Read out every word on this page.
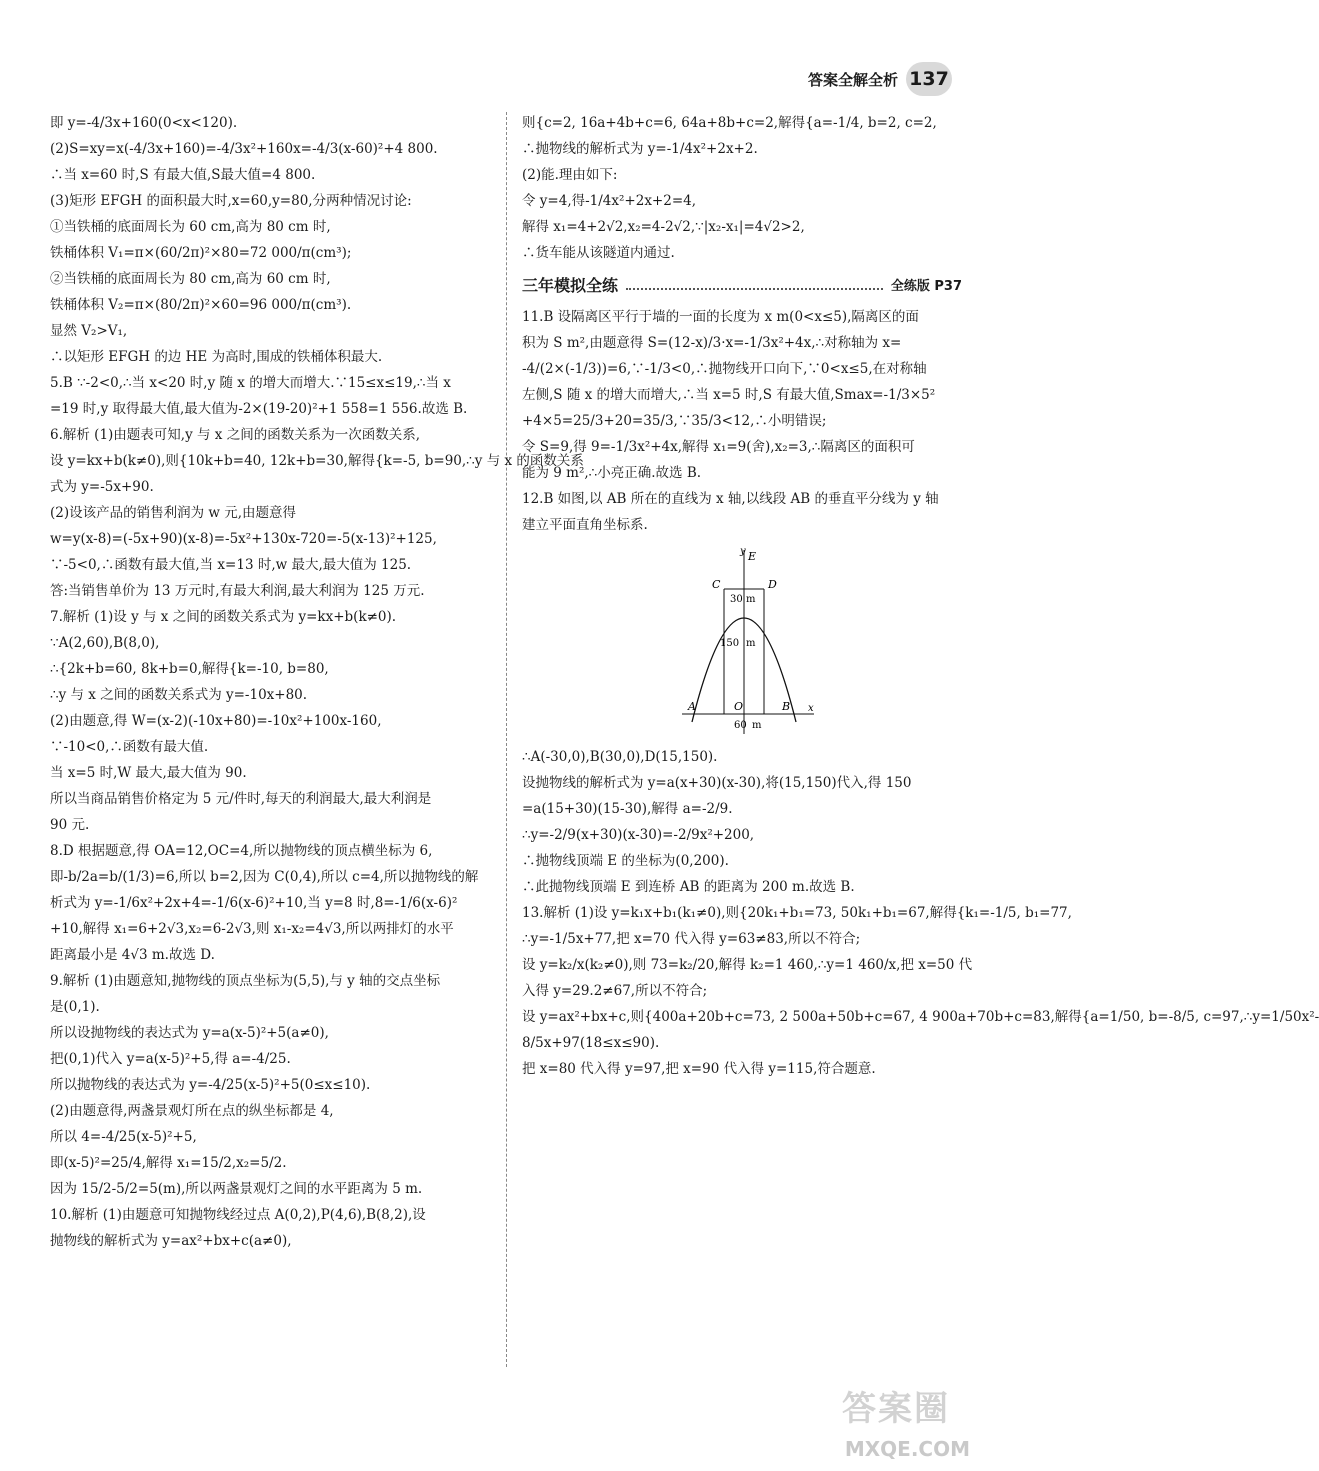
答案全解全析 137
即 y=-4/3x+160(0<x<120).
(2)S=xy=x(-4/3x+160)=-4/3x²+160x=-4/3(x-60)²+4 800.
∴当 x=60 时,S 有最大值,S最大值=4 800.
(3)矩形 EFGH 的面积最大时,x=60,y=80,分两种情况讨论:
①当铁桶的底面周长为 60 cm,高为 80 cm 时,
铁桶体积 V₁=π×(60/2π)²×80=72 000/π(cm³);
②当铁桶的底面周长为 80 cm,高为 60 cm 时,
铁桶体积 V₂=π×(80/2π)²×60=96 000/π(cm³).
显然 V₂>V₁,
∴以矩形 EFGH 的边 HE 为高时,围成的铁桶体积最大.
5.B ∵-2<0,∴当 x<20 时,y 随 x 的增大而增大.∵15≤x≤19,∴当 x
=19 时,y 取得最大值,最大值为-2×(19-20)²+1 558=1 556.故选 B.
6.解析 (1)由题表可知,y 与 x 之间的函数关系为一次函数关系,
设 y=kx+b(k≠0),则{10k+b=40, 12k+b=30,解得{k=-5, b=90,∴y 与 x 的函数关系
式为 y=-5x+90.
(2)设该产品的销售利润为 w 元,由题意得
w=y(x-8)=(-5x+90)(x-8)=-5x²+130x-720=-5(x-13)²+125,
∵-5<0,∴函数有最大值,当 x=13 时,w 最大,最大值为 125.
答:当销售单价为 13 万元时,有最大利润,最大利润为 125 万元.
7.解析 (1)设 y 与 x 之间的函数关系式为 y=kx+b(k≠0).
∵A(2,60),B(8,0),
∴{2k+b=60, 8k+b=0,解得{k=-10, b=80,
∴y 与 x 之间的函数关系式为 y=-10x+80.
(2)由题意,得 W=(x-2)(-10x+80)=-10x²+100x-160,
∵-10<0,∴函数有最大值.
当 x=5 时,W 最大,最大值为 90.
所以当商品销售价格定为 5 元/件时,每天的利润最大,最大利润是
90 元.
8.D 根据题意,得 OA=12,OC=4,所以抛物线的顶点横坐标为 6,
即-b/2a=b/(1/3)=6,所以 b=2,因为 C(0,4),所以 c=4,所以抛物线的解
析式为 y=-1/6x²+2x+4=-1/6(x-6)²+10,当 y=8 时,8=-1/6(x-6)²
+10,解得 x₁=6+2√3,x₂=6-2√3,则 x₁-x₂=4√3,所以两排灯的水平
距离最小是 4√3 m.故选 D.
9.解析 (1)由题意知,抛物线的顶点坐标为(5,5),与 y 轴的交点坐标
是(0,1).
所以设抛物线的表达式为 y=a(x-5)²+5(a≠0),
把(0,1)代入 y=a(x-5)²+5,得 a=-4/25.
所以抛物线的表达式为 y=-4/25(x-5)²+5(0≤x≤10).
(2)由题意得,两盏景观灯所在点的纵坐标都是 4,
所以 4=-4/25(x-5)²+5,
即(x-5)²=25/4,解得 x₁=15/2,x₂=5/2.
因为 15/2-5/2=5(m),所以两盏景观灯之间的水平距离为 5 m.
10.解析 (1)由题意可知抛物线经过点 A(0,2),P(4,6),B(8,2),设
抛物线的解析式为 y=ax²+bx+c(a≠0),
则{c=2, 16a+4b+c=6, 64a+8b+c=2,解得{a=-1/4, b=2, c=2,
∴抛物线的解析式为 y=-1/4x²+2x+2.
(2)能.理由如下:
令 y=4,得-1/4x²+2x+2=4,
解得 x₁=4+2√2,x₂=4-2√2,∵|x₂-x₁|=4√2>2,
∴货车能从该隧道内通过.
三年模拟全练	全练版 P37
11.B 设隔离区平行于墙的一面的长度为 x m(0<x≤5),隔离区的面
积为 S m²,由题意得 S=(12-x)/3·x=-1/3x²+4x,∴对称轴为 x=
-4/(2×(-1/3))=6,∵-1/3<0,∴抛物线开口向下,∵0<x≤5,在对称轴
左侧,S 随 x 的增大而增大,∴当 x=5 时,S 有最大值,Smax=-1/3×5²
+4×5=25/3+20=35/3,∵35/3<12,∴小明错误;
令 S=9,得 9=-1/3x²+4x,解得 x₁=9(舍),x₂=3,∴隔离区的面积可
能为 9 m²,∴小亮正确.故选 B.
12.B 如图,以 AB 所在的直线为 x 轴,以线段 AB 的垂直平分线为 y 轴
建立平面直角坐标系.
y
x
E
C	D
A	O	B
30 m
150 m
60 m
∴A(-30,0),B(30,0),D(15,150).
设抛物线的解析式为 y=a(x+30)(x-30),将(15,150)代入,得 150
=a(15+30)(15-30),解得 a=-2/9.
∴y=-2/9(x+30)(x-30)=-2/9x²+200,
∴抛物线顶端 E 的坐标为(0,200).
∴此抛物线顶端 E 到连桥 AB 的距离为 200 m.故选 B.
13.解析 (1)设 y=k₁x+b₁(k₁≠0),则{20k₁+b₁=73, 50k₁+b₁=67,解得{k₁=-1/5, b₁=77,
∴y=-1/5x+77,把 x=70 代入得 y=63≠83,所以不符合;
设 y=k₂/x(k₂≠0),则 73=k₂/20,解得 k₂=1 460,∴y=1 460/x,把 x=50 代
入得 y=29.2≠67,所以不符合;
设 y=ax²+bx+c,则{400a+20b+c=73, 2 500a+50b+c=67, 4 900a+70b+c=83,解得{a=1/50, b=-8/5, c=97,∴y=1/50x²-
8/5x+97(18≤x≤90).
把 x=80 代入得 y=97,把 x=90 代入得 y=115,符合题意.
答案圈
MXQE.COM
